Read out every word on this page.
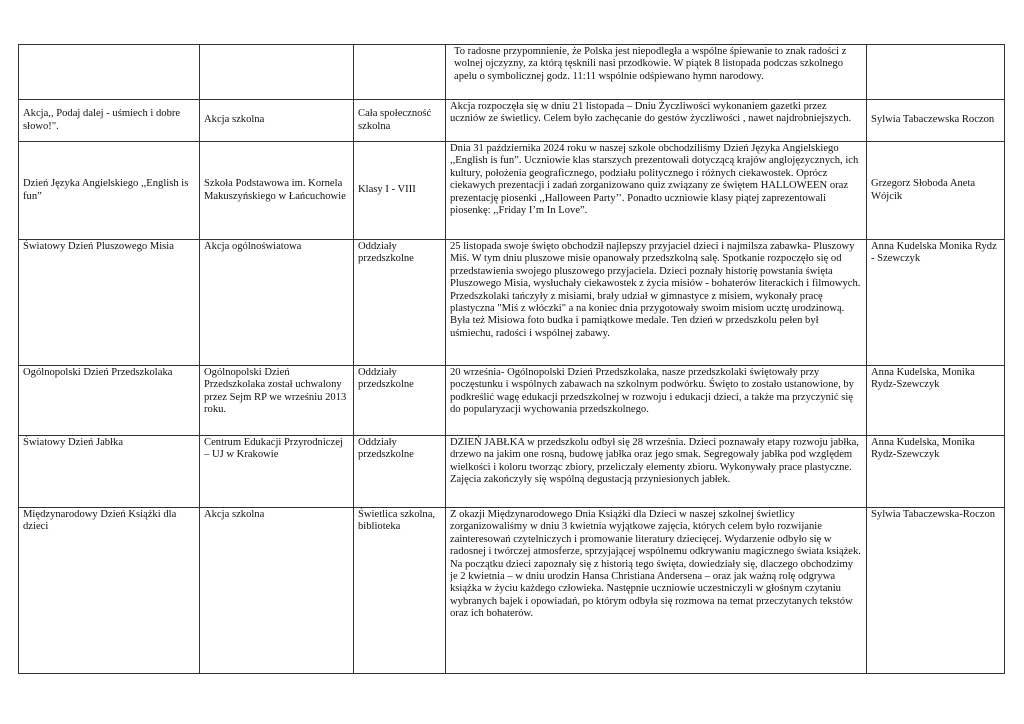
			To radosne przypomnienie, że Polska jest niepodległa a wspólne śpiewanie to znak radości z wolnej ojczyzny, za którą tęsknili nasi przodkowie. W piątek 8 listopada podczas szkolnego apelu o symbolicznej godz. 11:11 wspólnie odśpiewano hymn narodowy.	
Akcja,, Podaj dalej - uśmiech i dobre słowo!".	Akcja szkolna	Cała społeczność szkolna	Akcja rozpoczęła się w dniu 21 listopada – Dniu Życzliwości wykonaniem gazetki przez uczniów ze świetlicy. Celem było zachęcanie do gestów życzliwości , nawet najdrobniejszych.	Sylwia Tabaczewska Roczon
Dzień Języka Angielskiego ,,English is fun”	Szkoła Podstawowa im. Kornela Makuszyńskiego w Łańcuchowie	Klasy I - VIII	Dnia 31 października 2024 roku w naszej szkole obchodziliśmy Dzień Języka Angielskiego ,,English is fun”. Uczniowie klas starszych prezentowali dotyczącą krajów anglojęzycznych, ich kultury, położenia geograficznego, podziału politycznego i różnych ciekawostek. Oprócz ciekawych prezentacji i zadań zorganizowano quiz związany ze świętem HALLOWEEN oraz prezentację piosenki ,,Halloween Party’’. Ponadto uczniowie klasy piątej zaprezentowali piosenkę: ,,Friday I’m In Love”.	Grzegorz Słoboda Aneta Wójcik
Światowy Dzień Pluszowego Misia	Akcja ogólnoświatowa	Oddziały przedszkolne	25 listopada swoje święto obchodził najlepszy przyjaciel dzieci i najmilsza zabawka- Pluszowy Miś. W tym dniu pluszowe misie opanowały przedszkolną salę. Spotkanie rozpoczęło się od przedstawienia swojego pluszowego przyjaciela. Dzieci poznały historię powstania święta Pluszowego Misia, wysłuchały ciekawostek z życia misiów - bohaterów literackich i filmowych. Przedszkolaki tańczyły z misiami, brały udział w gimnastyce z misiem, wykonały pracę plastyczna "Miś z włóczki" a na koniec dnia przygotowały swoim misiom ucztę urodzinową. Była też Misiowa foto budka i pamiątkowe medale. Ten dzień w przedszkolu pełen był uśmiechu, radości i wspólnej zabawy.	Anna Kudelska Monika Rydz - Szewczyk
Ogólnopolski Dzień Przedszkolaka	Ogólnopolski Dzień Przedszkolaka został uchwalony przez Sejm RP we wrześniu 2013 roku.	Oddziały przedszkolne	20 września- Ogólnopolski Dzień Przedszkolaka, nasze przedszkolaki świętowały przy poczęstunku i wspólnych zabawach na szkolnym podwórku. Święto to zostało ustanowione, by podkreślić wagę edukacji przedszkolnej w rozwoju i edukacji dzieci, a także ma przyczynić się do popularyzacji wychowania przedszkolnego.	Anna Kudelska, Monika Rydz-Szewczyk
Światowy Dzień Jabłka	Centrum Edukacji Przyrodniczej – UJ w Krakowie	Oddziały przedszkolne	DZIEŃ JABŁKA w przedszkolu odbył się 28 września. Dzieci poznawały etapy rozwoju jabłka, drzewo na jakim one rosną, budowę jabłka oraz jego smak. Segregowały jabłka pod względem wielkości i koloru tworząc zbiory, przeliczały elementy zbioru. Wykonywały prace plastyczne. Zajęcia zakończyły się wspólną degustacją przyniesionych jabłek.	Anna Kudelska, Monika Rydz-Szewczyk
Międzynarodowy Dzień Książki dla dzieci	Akcja szkolna	Świetlica szkolna, biblioteka	Z okazji Międzynarodowego Dnia Książki dla Dzieci w naszej szkolnej świetlicy zorganizowaliśmy w dniu 3 kwietnia wyjątkowe zajęcia, których celem było rozwijanie zainteresowań czytelniczych i promowanie literatury dziecięcej. Wydarzenie odbyło się w radosnej i twórczej atmosferze, sprzyjającej wspólnemu odkrywaniu magicznego świata książek.
Na początku dzieci zapoznały się z historią tego święta, dowiedziały się, dlaczego obchodzimy je 2 kwietnia – w dniu urodzin Hansa Christiana Andersena – oraz jak ważną rolę odgrywa książka w życiu każdego człowieka. Następnie uczniowie uczestniczyli w głośnym czytaniu wybranych bajek i opowiadań, po którym odbyła się rozmowa na temat przeczytanych tekstów oraz ich bohaterów.	Sylwia Tabaczewska-Roczon
